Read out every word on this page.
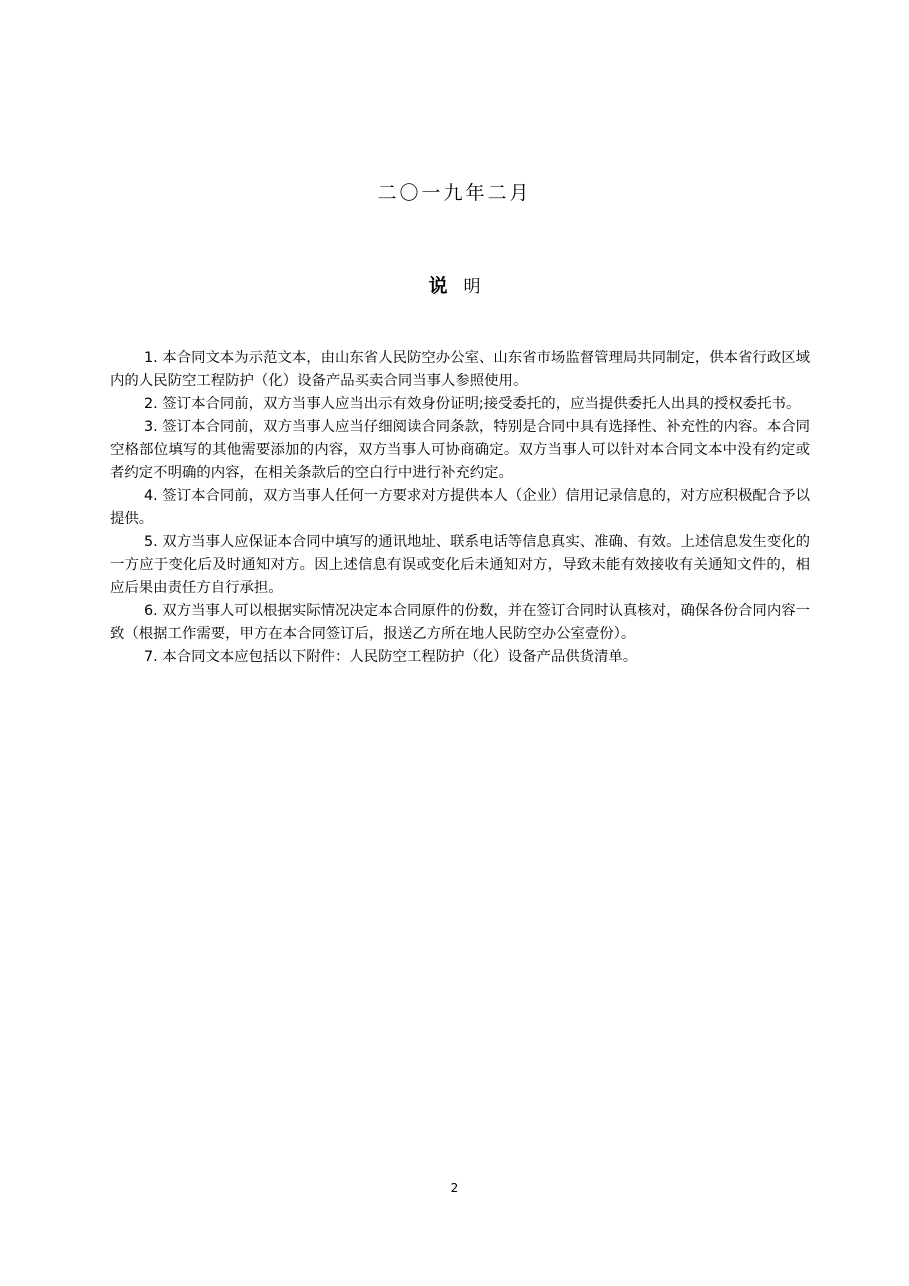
二〇一九年二月
说 明

1. 本合同文本为示范文本，由山东省人民防空办公室、山东省市场监督管理局共同制定，供本省行政区域内的人民防空工程防护（化）设备产品买卖合同当事人参照使用。

2. 签订本合同前，双方当事人应当出示有效身份证明;接受委托的，应当提供委托人出具的授权委托书。

3. 签订本合同前，双方当事人应当仔细阅读合同条款，特别是合同中具有选择性、补充性的内容。本合同空格部位填写的其他需要添加的内容，双方当事人可协商确定。双方当事人可以针对本合同文本中没有约定或者约定不明确的内容，在相关条款后的空白行中进行补充约定。

4. 签订本合同前，双方当事人任何一方要求对方提供本人（企业）信用记录信息的，对方应积极配合予以提供。

5. 双方当事人应保证本合同中填写的通讯地址、联系电话等信息真实、准确、有效。上述信息发生变化的一方应于变化后及时通知对方。因上述信息有误或变化后未通知对方，导致未能有效接收有关通知文件的，相应后果由责任方自行承担。

6. 双方当事人可以根据实际情况决定本合同原件的份数，并在签订合同时认真核对，确保各份合同内容一致（根据工作需要，甲方在本合同签订后，报送乙方所在地人民防空办公室壹份）。

7. 本合同文本应包括以下附件：人民防空工程防护（化）设备产品供货清单。

2
